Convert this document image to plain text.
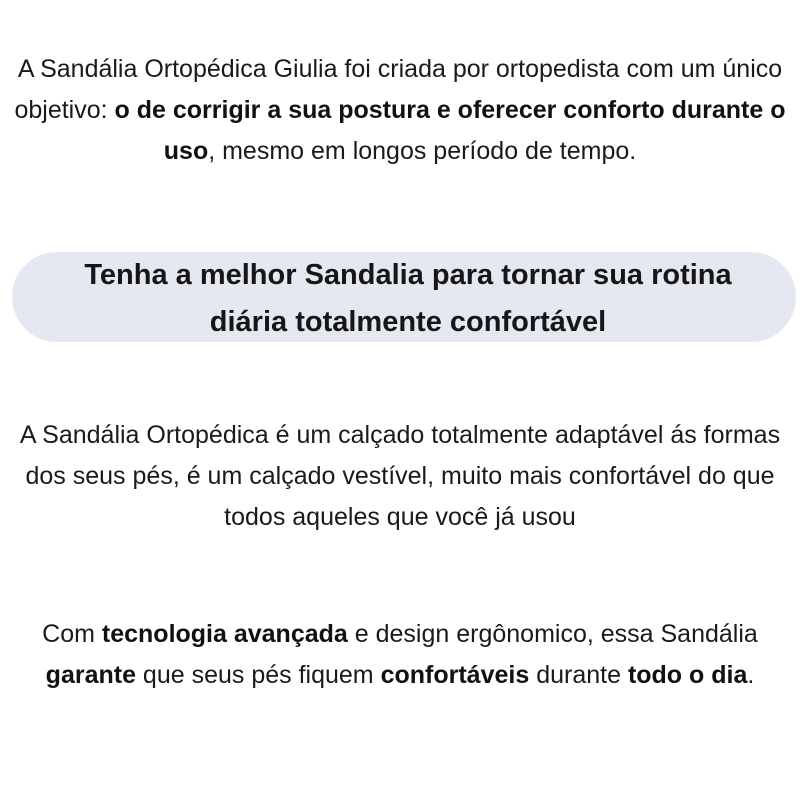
A Sandália Ortopédica Giulia foi criada por ortopedista com um único objetivo: o de corrigir a sua postura e oferecer conforto durante o uso, mesmo em longos período de tempo.

Tenha a melhor Sandalia para tornar sua rotina
diária totalmente confortável

A Sandália Ortopédica é um calçado totalmente adaptável ás formas dos seus pés, é um calçado vestível, muito mais confortável do que todos aqueles que você já usou

Com tecnologia avançada e design ergônomico, essa Sandália garante que seus pés fiquem confortáveis durante todo o dia.
